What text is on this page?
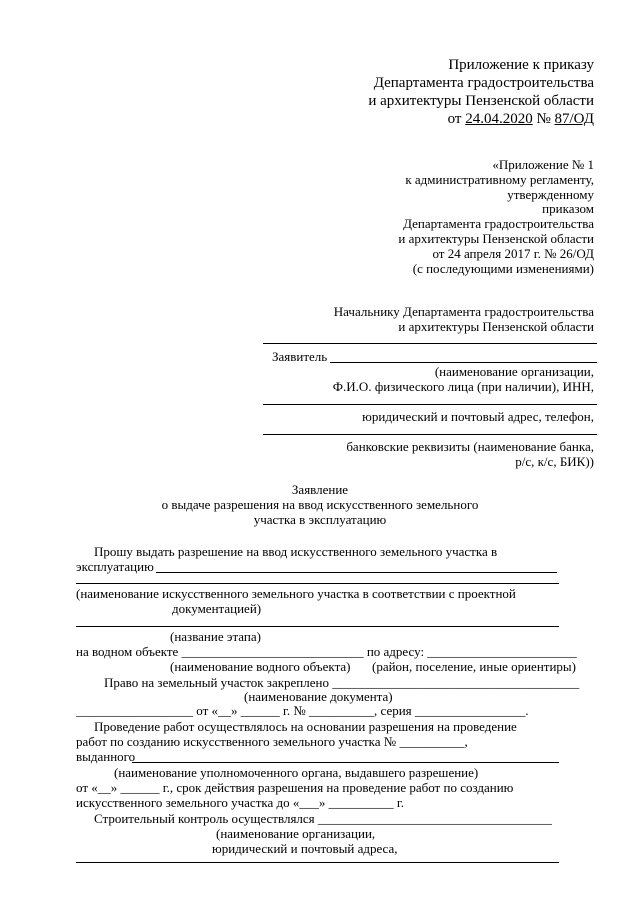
Приложение к приказу
Департамента градостроительства
и архитектуры Пензенской области
от 24.04.2020 № 87/ОД
«Приложение № 1
к административному регламенту,
утвержденному
приказом
Департамента градостроительства
и архитектуры Пензенской области
от 24 апреля 2017 г. № 26/ОД
(с последующими изменениями)
Начальнику Департамента градостроительства
и архитектуры Пензенской области
Заявитель
(наименование организации,
Ф.И.О. физического лица (при наличии), ИНН,
юридический и почтовый адрес, телефон,
банковские реквизиты (наименование банка,
р/с, к/с, БИК))
Заявление
о выдаче разрешения на ввод искусственного земельного
участка в эксплуатацию
Прошу выдать разрешение на ввод искусственного земельного участка в
эксплуатацию
(наименование искусственного земельного участка в соответствии с проектной
документацией)
(название этапа)
на водном объекте ____________________________ по адресу: _______________________
(наименование водного объекта) (район, поселение, иные ориентиры)
Право на земельный участок закреплено ______________________________________
(наименование документа)
__________________ от «__» ______ г. № __________, серия _________________.
Проведение работ осуществлялось на основании разрешения на проведение
работ по созданию искусственного земельного участка № __________,
выданного
(наименование уполномоченного органа, выдавшего разрешение)
от «__» ______ г., срок действия разрешения на проведение работ по созданию
искусственного земельного участка до «___» __________ г.
Строительный контроль осуществлялся ____________________________________
(наименование организации,
юридический и почтовый адреса,
